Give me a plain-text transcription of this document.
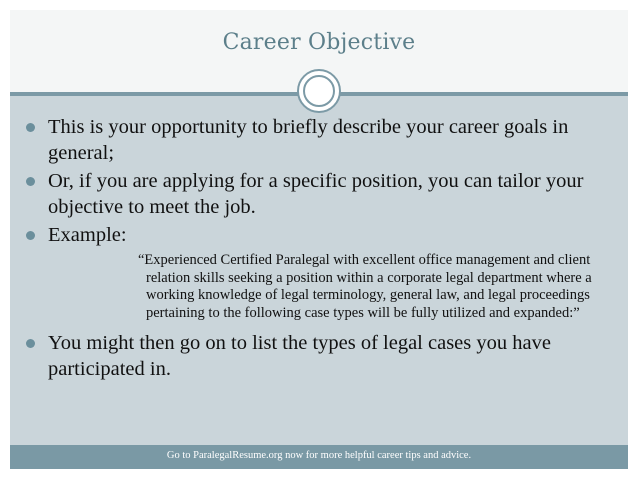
Career Objective
This is your opportunity to briefly describe your career goals in general;
Or, if you are applying for a specific position, you can tailor your objective to meet the job.
Example:
“Experienced Certified Paralegal with excellent office management and client relation skills seeking a position within a corporate legal department where a working knowledge of legal terminology, general law, and legal proceedings pertaining to the following case types will be fully utilized and expanded:”
You might then go on to list the types of legal cases you have participated in.
Go to ParalegalResume.org now for more helpful career tips and advice.
